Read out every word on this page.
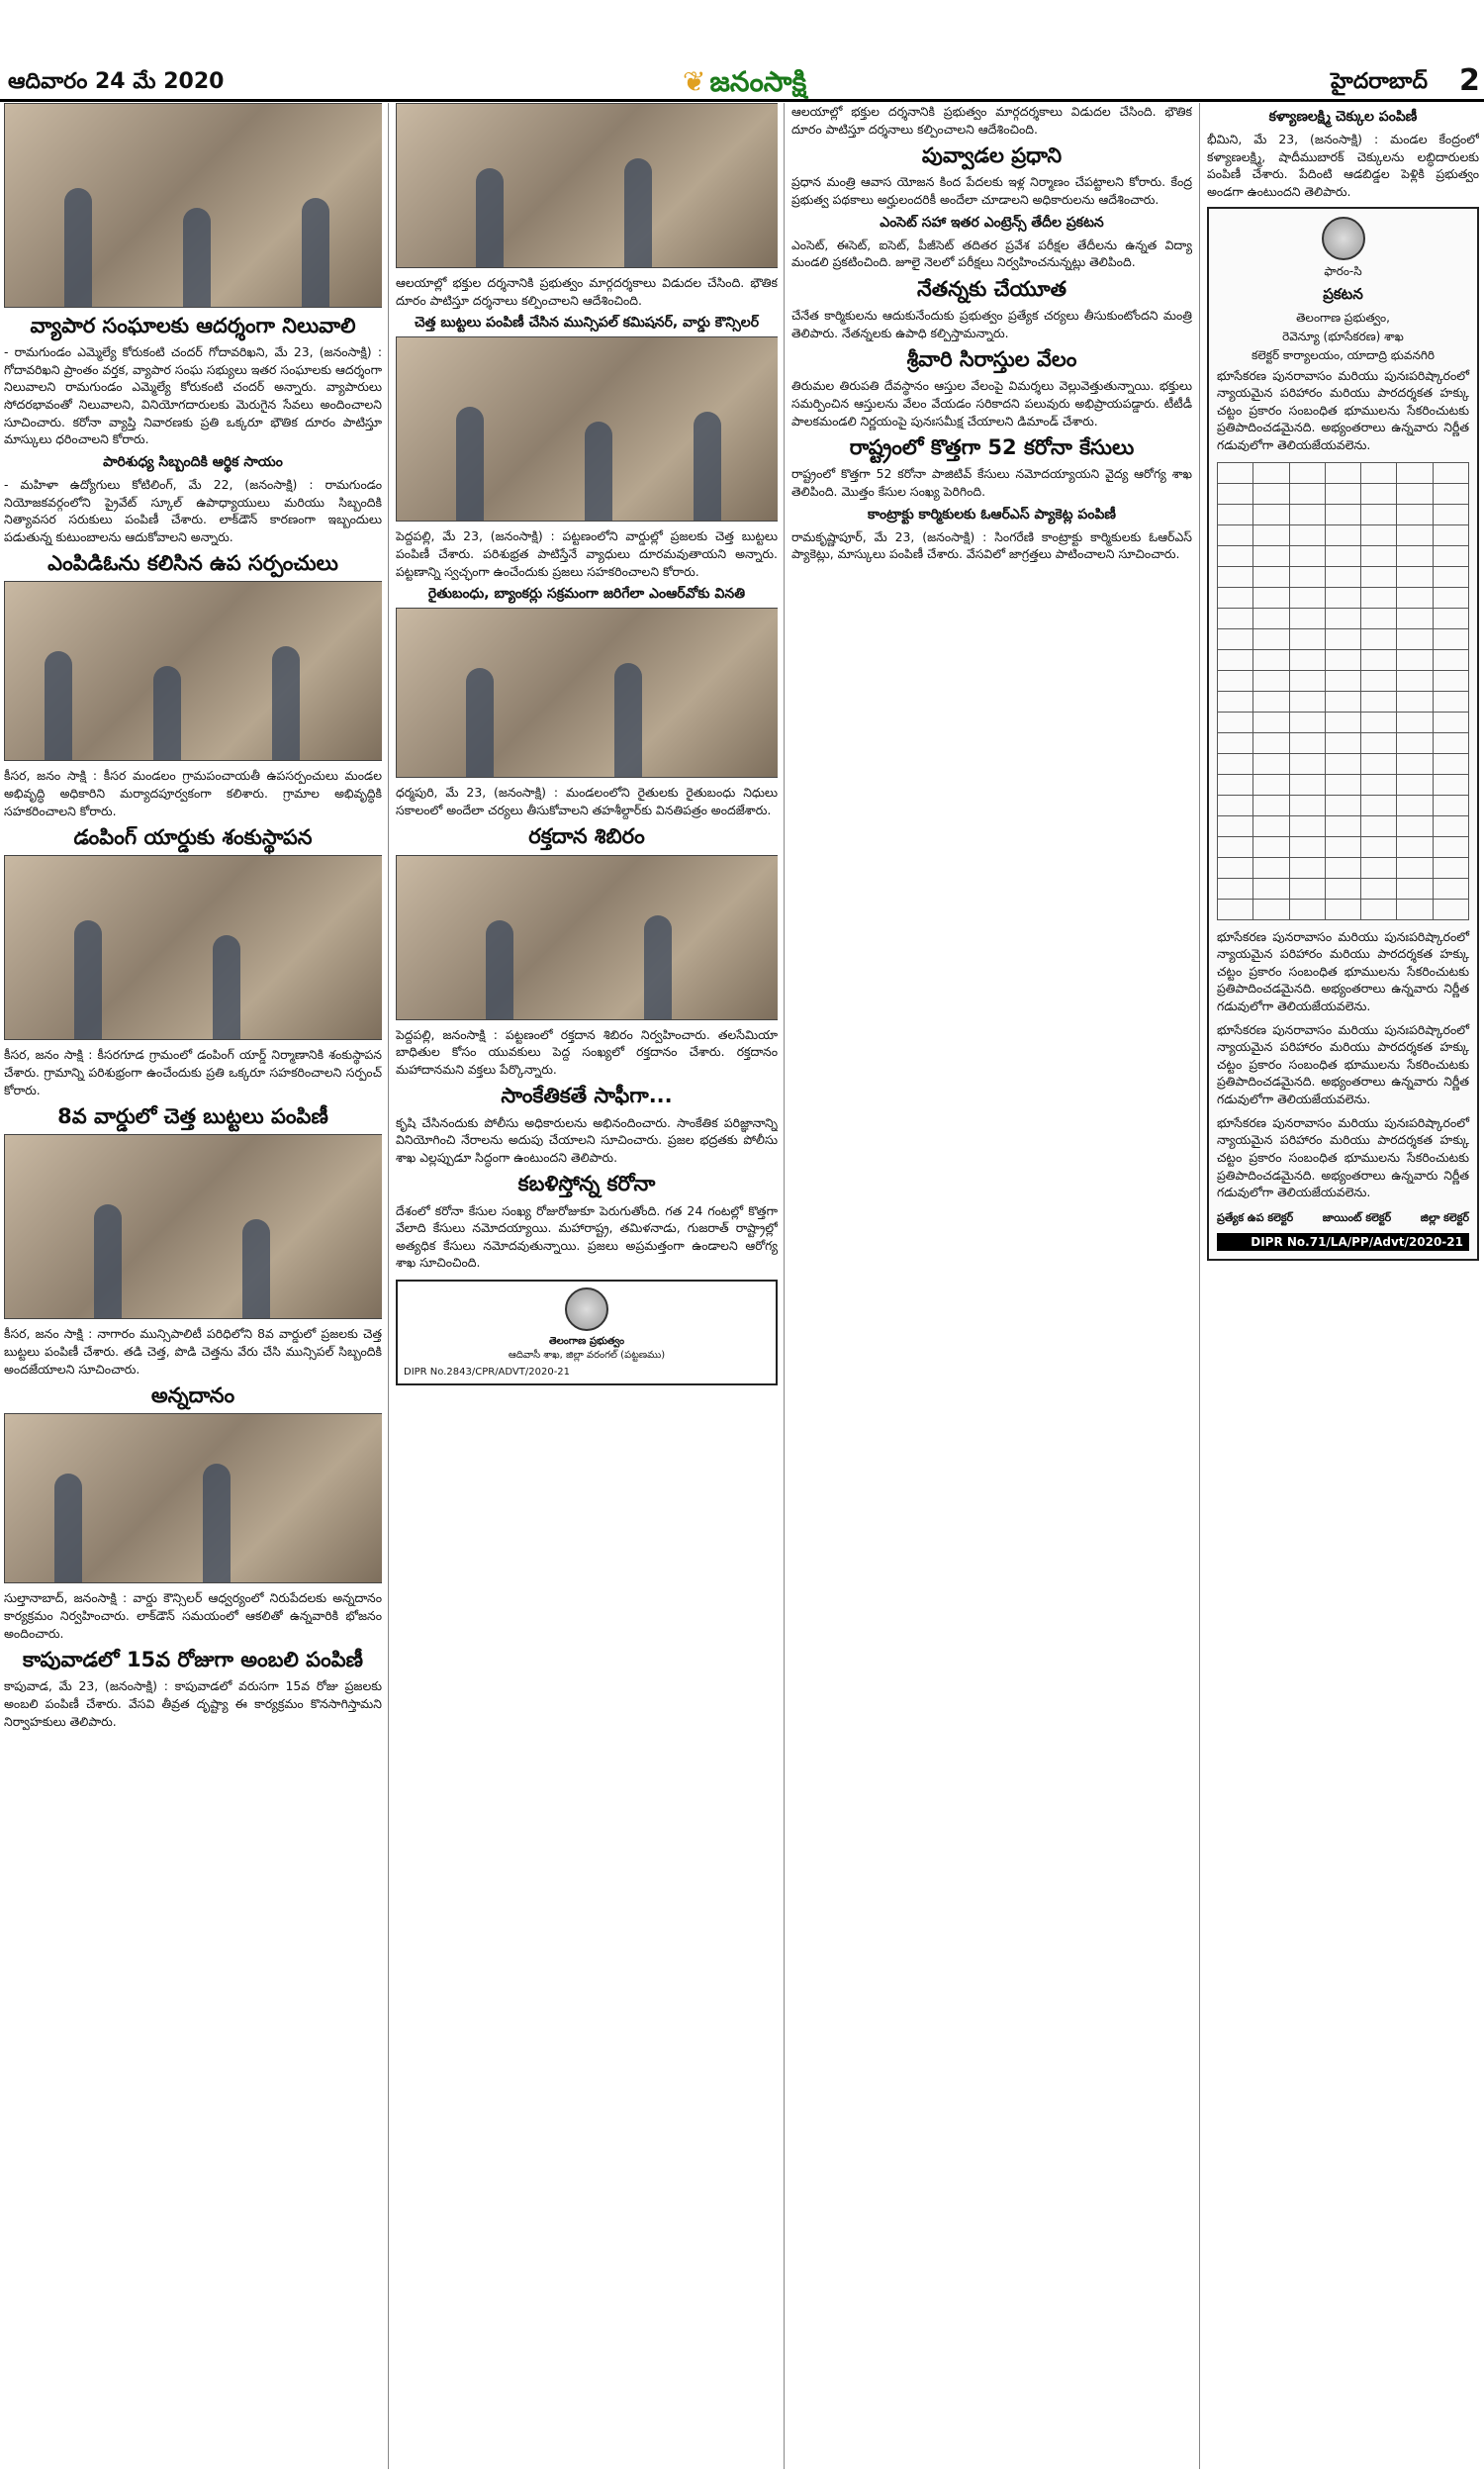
ఆదివారం 24 మే 2020	❦ జనంసాక్షి	హైదరాబాద్ 2
వ్యాపార సంఘాలకు ఆదర్శంగా నిలువాలి

- రామగుండం ఎమ్మెల్యే కోరుకంటి చందర్ గోదావరిఖని, మే 23, (జనంసాక్షి) : గోదావరిఖని ప్రాంతం వర్తక, వ్యాపార సంఘ సభ్యులు ఇతర సంఘాలకు ఆదర్శంగా నిలువాలని రామగుండం ఎమ్మెల్యే కోరుకంటి చందర్ అన్నారు. వ్యాపారులు సోదరభావంతో నిలువాలని, వినియోగదారులకు మెరుగైన సేవలు అందించాలని సూచించారు. కరోనా వ్యాప్తి నివారణకు ప్రతి ఒక్కరూ భౌతిక దూరం పాటిస్తూ మాస్కులు ధరించాలని కోరారు.

పారిశుధ్య సిబ్బందికి ఆర్థిక సాయం

- మహిళా ఉద్యోగులు కోటిలింగ్, మే 22, (జనంసాక్షి) : రామగుండం నియోజకవర్గంలోని ప్రైవేట్ స్కూల్ ఉపాధ్యాయులు మరియు సిబ్బందికి నిత్యావసర సరుకులు పంపిణీ చేశారు. లాక్‌డౌన్ కారణంగా ఇబ్బందులు పడుతున్న కుటుంబాలను ఆదుకోవాలని అన్నారు.

ఎంపిడిఓను కలిసిన ఉప సర్పంచులు

కీసర, జనం సాక్షి : కీసర మండలం గ్రామపంచాయతీ ఉపసర్పంచులు మండల అభివృద్ధి అధికారిని మర్యాదపూర్వకంగా కలిశారు. గ్రామాల అభివృద్ధికి సహకరించాలని కోరారు.

డంపింగ్ యార్డుకు శంకుస్థాపన

కీసర, జనం సాక్షి : కీసరగూడ గ్రామంలో డంపింగ్ యార్డ్ నిర్మాణానికి శంకుస్థాపన చేశారు. గ్రామాన్ని పరిశుభ్రంగా ఉంచేందుకు ప్రతి ఒక్కరూ సహకరించాలని సర్పంచ్ కోరారు.

8వ వార్డులో చెత్త బుట్టలు పంపిణీ

కీసర, జనం సాక్షి : నాగారం మున్సిపాలిటీ పరిధిలోని 8వ వార్డులో ప్రజలకు చెత్త బుట్టలు పంపిణీ చేశారు. తడి చెత్త, పొడి చెత్తను వేరు చేసి మున్సిపల్ సిబ్బందికి అందజేయాలని సూచించారు.

అన్నదానం

సుల్తానాబాద్, జనంసాక్షి : వార్డు కౌన్సిలర్ ఆధ్వర్యంలో నిరుపేదలకు అన్నదానం కార్యక్రమం నిర్వహించారు. లాక్‌డౌన్ సమయంలో ఆకలితో ఉన్నవారికి భోజనం అందించారు.

కాపువాడలో 15వ రోజుగా అంబలి పంపిణీ

కాపువాడ, మే 23, (జనంసాక్షి) : కాపువాడలో వరుసగా 15వ రోజు ప్రజలకు అంబలి పంపిణీ చేశారు. వేసవి తీవ్రత దృష్ట్యా ఈ కార్యక్రమం కొనసాగిస్తామని నిర్వాహకులు తెలిపారు.

ఆలయాల్లో భక్తుల దర్శనానికి ప్రభుత్వం మార్గదర్శకాలు విడుదల చేసింది. భౌతిక దూరం పాటిస్తూ దర్శనాలు కల్పించాలని ఆదేశించింది.

చెత్త బుట్టలు పంపిణీ చేసిన మున్సిపల్ కమిషనర్, వార్డు కౌన్సిలర్

పెద్దపల్లి, మే 23, (జనంసాక్షి) : పట్టణంలోని వార్డుల్లో ప్రజలకు చెత్త బుట్టలు పంపిణీ చేశారు. పరిశుభ్రత పాటిస్తేనే వ్యాధులు దూరమవుతాయని అన్నారు. పట్టణాన్ని స్వచ్ఛంగా ఉంచేందుకు ప్రజలు సహకరించాలని కోరారు.

రైతుబంధు, బ్యాంకర్లు సక్రమంగా జరిగేలా ఎంఆర్‌వోకు వినతి

ధర్మపురి, మే 23, (జనంసాక్షి) : మండలంలోని రైతులకు రైతుబంధు నిధులు సకాలంలో అందేలా చర్యలు తీసుకోవాలని తహశీల్దార్‌కు వినతిపత్రం అందజేశారు.

రక్తదాన శిబిరం

పెద్దపల్లి, జనంసాక్షి : పట్టణంలో రక్తదాన శిబిరం నిర్వహించారు. తలసేమియా బాధితుల కోసం యువకులు పెద్ద సంఖ్యలో రక్తదానం చేశారు. రక్తదానం మహాదానమని వక్తలు పేర్కొన్నారు.

సాంకేతికతే సాఫీగా...

కృషి చేసినందుకు పోలీసు అధికారులను అభినందించారు. సాంకేతిక పరిజ్ఞానాన్ని వినియోగించి నేరాలను అదుపు చేయాలని సూచించారు. ప్రజల భద్రతకు పోలీసు శాఖ ఎల్లప్పుడూ సిద్ధంగా ఉంటుందని తెలిపారు.

కబళిస్తోన్న కరోనా

దేశంలో కరోనా కేసుల సంఖ్య రోజురోజుకూ పెరుగుతోంది. గత 24 గంటల్లో కొత్తగా వేలాది కేసులు నమోదయ్యాయి. మహారాష్ట్ర, తమిళనాడు, గుజరాత్ రాష్ట్రాల్లో అత్యధిక కేసులు నమోదవుతున్నాయి. ప్రజలు అప్రమత్తంగా ఉండాలని ఆరోగ్య శాఖ సూచించింది.

తెలంగాణ ప్రభుత్వం
ఆదివాసీ శాఖ, జిల్లా వరంగల్ (పట్టణము)
DIPR No.2843/CPR/ADVT/2020-21

ఆలయాల్లో భక్తుల దర్శనానికి ప్రభుత్వం మార్గదర్శకాలు విడుదల చేసింది. భౌతిక దూరం పాటిస్తూ దర్శనాలు కల్పించాలని ఆదేశించింది.

పువ్వాడల ప్రధాని

ప్రధాన మంత్రి ఆవాస యోజన కింద పేదలకు ఇళ్ల నిర్మాణం చేపట్టాలని కోరారు. కేంద్ర ప్రభుత్వ పథకాలు అర్హులందరికీ అందేలా చూడాలని అధికారులను ఆదేశించారు.

ఎంసెట్ సహా ఇతర ఎంట్రెన్స్ తేదీల ప్రకటన

ఎంసెట్, ఈసెట్, ఐసెట్, పీజీసెట్ తదితర ప్రవేశ పరీక్షల తేదీలను ఉన్నత విద్యా మండలి ప్రకటించింది. జూలై నెలలో పరీక్షలు నిర్వహించనున్నట్లు తెలిపింది.

నేతన్నకు చేయూత

చేనేత కార్మికులను ఆదుకునేందుకు ప్రభుత్వం ప్రత్యేక చర్యలు తీసుకుంటోందని మంత్రి తెలిపారు. నేతన్నలకు ఉపాధి కల్పిస్తామన్నారు.

శ్రీవారి సిరాస్తుల వేలం

తిరుమల తిరుపతి దేవస్థానం ఆస్తుల వేలంపై విమర్శలు వెల్లువెత్తుతున్నాయి. భక్తులు సమర్పించిన ఆస్తులను వేలం వేయడం సరికాదని పలువురు అభిప్రాయపడ్డారు. టీటీడీ పాలకమండలి నిర్ణయంపై పునఃసమీక్ష చేయాలని డిమాండ్ చేశారు.

రాష్ట్రంలో కొత్తగా 52 కరోనా కేసులు

రాష్ట్రంలో కొత్తగా 52 కరోనా పాజిటివ్ కేసులు నమోదయ్యాయని వైద్య ఆరోగ్య శాఖ తెలిపింది. మొత్తం కేసుల సంఖ్య పెరిగింది.

కాంట్రాక్టు కార్మికులకు ఓఆర్ఎస్ ప్యాకెట్ల పంపిణీ

రామకృష్ణాపూర్, మే 23, (జనంసాక్షి) : సింగరేణి కాంట్రాక్టు కార్మికులకు ఓఆర్ఎస్ ప్యాకెట్లు, మాస్కులు పంపిణీ చేశారు. వేసవిలో జాగ్రత్తలు పాటించాలని సూచించారు.

కళ్యాణలక్ష్మి చెక్కుల పంపిణీ

భీమిని, మే 23, (జనంసాక్షి) : మండల కేంద్రంలో కళ్యాణలక్ష్మి, షాదీముబారక్ చెక్కులను లబ్ధిదారులకు పంపిణీ చేశారు. పేదింటి ఆడబిడ్డల పెళ్లికి ప్రభుత్వం అండగా ఉంటుందని తెలిపారు.

ఫారం-సి
ప్రకటన
తెలంగాణ ప్రభుత్వం,
రెవెన్యూ (భూసేకరణ) శాఖ
కలెక్టర్ కార్యాలయం, యాదాద్రి భువనగిరి

భూసేకరణ పునరావాసం మరియు పునఃపరిష్కారంలో న్యాయమైన పరిహారం మరియు పారదర్శకత హక్కు చట్టం ప్రకారం సంబంధిత భూములను సేకరించుటకు ప్రతిపాదించడమైనది. అభ్యంతరాలు ఉన్నవారు నిర్ణీత గడువులోగా తెలియజేయవలెను.

భూసేకరణ పునరావాసం మరియు పునఃపరిష్కారంలో న్యాయమైన పరిహారం మరియు పారదర్శకత హక్కు చట్టం ప్రకారం సంబంధిత భూములను సేకరించుటకు ప్రతిపాదించడమైనది. అభ్యంతరాలు ఉన్నవారు నిర్ణీత గడువులోగా తెలియజేయవలెను.

భూసేకరణ పునరావాసం మరియు పునఃపరిష్కారంలో న్యాయమైన పరిహారం మరియు పారదర్శకత హక్కు చట్టం ప్రకారం సంబంధిత భూములను సేకరించుటకు ప్రతిపాదించడమైనది. అభ్యంతరాలు ఉన్నవారు నిర్ణీత గడువులోగా తెలియజేయవలెను.

భూసేకరణ పునరావాసం మరియు పునఃపరిష్కారంలో న్యాయమైన పరిహారం మరియు పారదర్శకత హక్కు చట్టం ప్రకారం సంబంధిత భూములను సేకరించుటకు ప్రతిపాదించడమైనది. అభ్యంతరాలు ఉన్నవారు నిర్ణీత గడువులోగా తెలియజేయవలెను.

ప్రత్యేక ఉప కలెక్టర్	జాయింట్ కలెక్టర్	జిల్లా కలెక్టర్
DIPR No.71/LA/PP/Advt/2020-21
